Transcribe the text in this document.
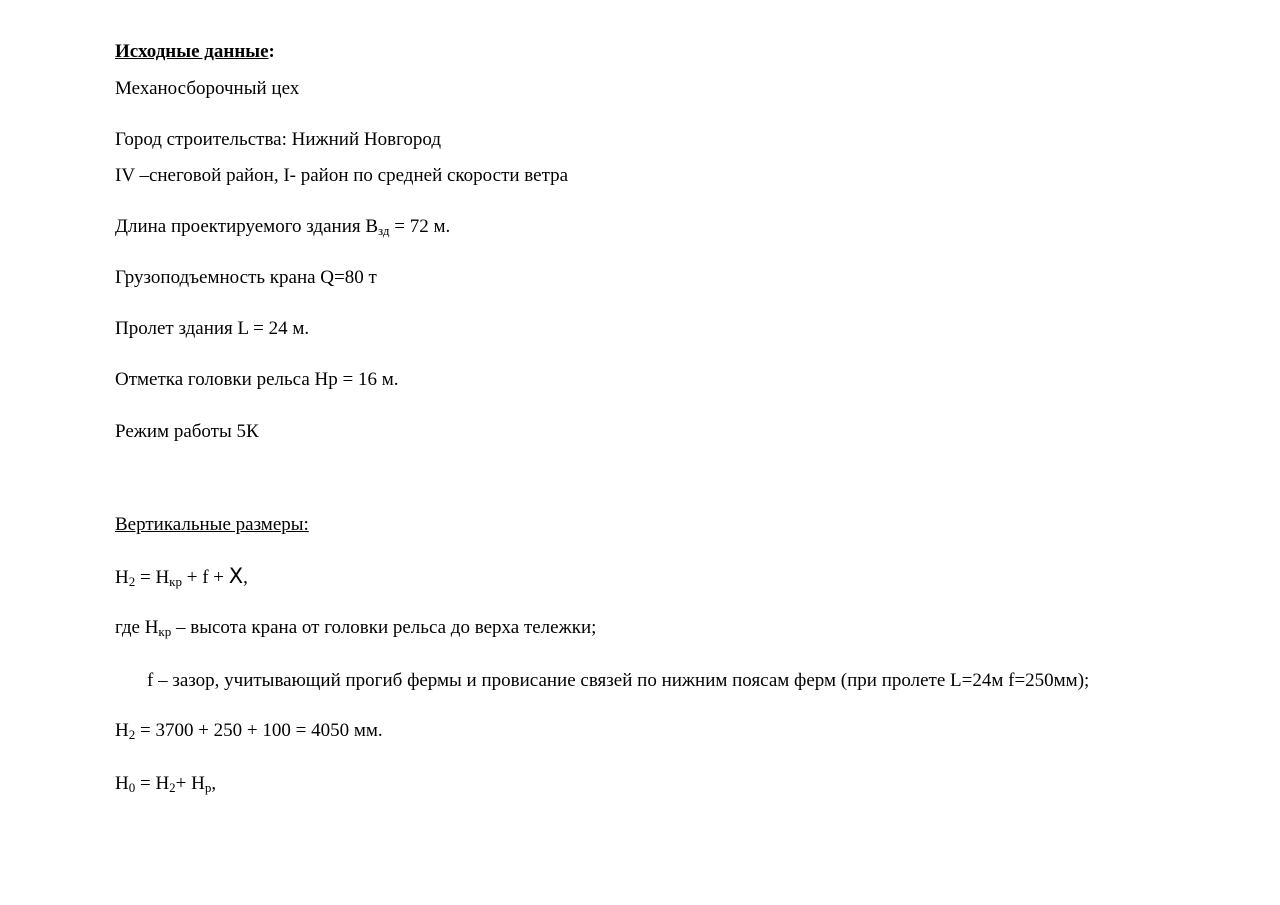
Исходные данные:
Механосборочный цех
Город строительства: Нижний Новгород
IV –снеговой район, I- район по средней скорости ветра
Длина проектируемого здания $B_{зд} = 72$ м.
Грузоподъемность крана Q=80 т
Пролет здания L = 24 м.
Отметка головки рельса Hр = 16 м.
Режим работы 5К
Вертикальные размеры:
$H_2 = H_{кр} + f + X$,
где $H_{кр}$ – высота крана от головки рельса до верха тележки;
f – зазор, учитывающий прогиб фермы и провисание связей по нижним поясам ферм (при пролете L=24м f=250мм);
$H_2 = 3700 + 250 + 100 = 4050$ мм.
$H_0 = H_2+ H_р$,
